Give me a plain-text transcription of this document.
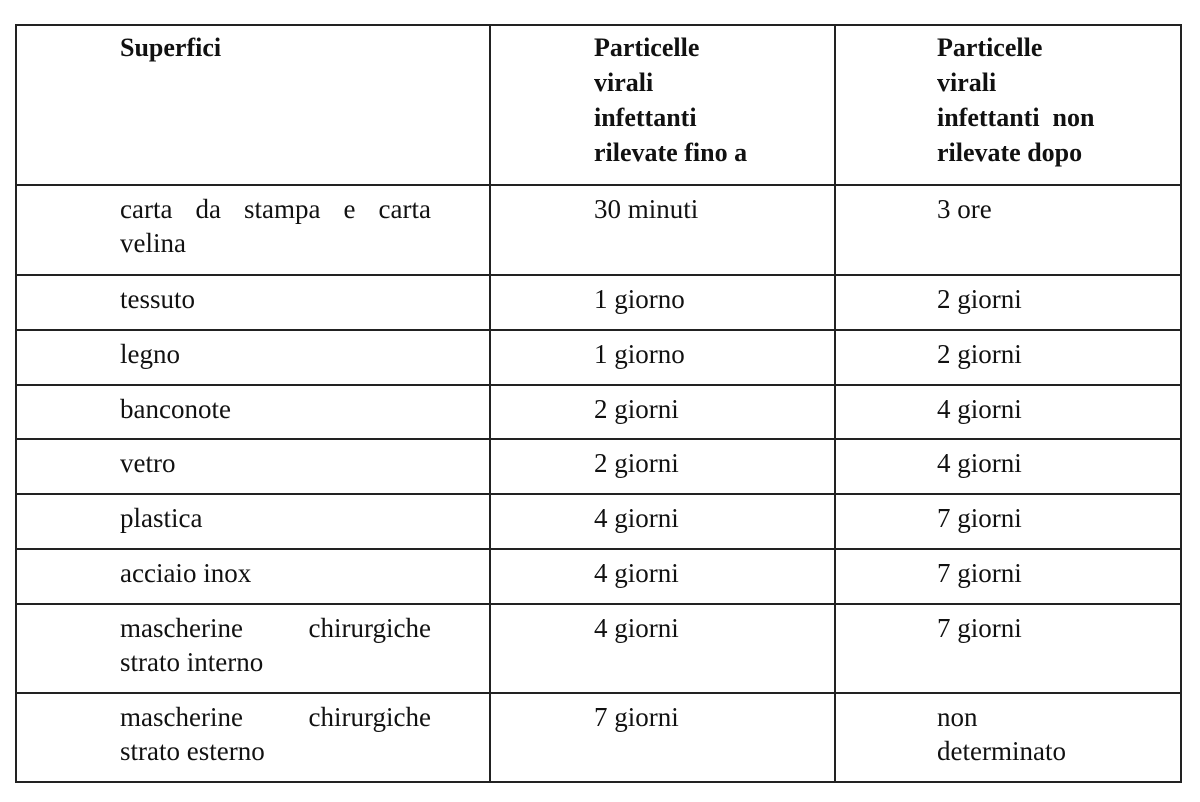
Superfici	Particelle
virali
infettanti
rilevate fino a	Particelle
virali
infettanti  non
rilevate dopo

carta da stampa e carta
velina	30 minuti	3 ore

tessuto	1 giorno	2 giorni

legno	1 giorno	2 giorni

banconote	2 giorni	4 giorni

vetro	2 giorni	4 giorni

plastica	4 giorni	7 giorni

acciaio inox	4 giorni	7 giorni

mascherine chirurgiche
strato interno	4 giorni	7 giorni

mascherine chirurgiche
strato esterno	7 giorni	non
determinato
